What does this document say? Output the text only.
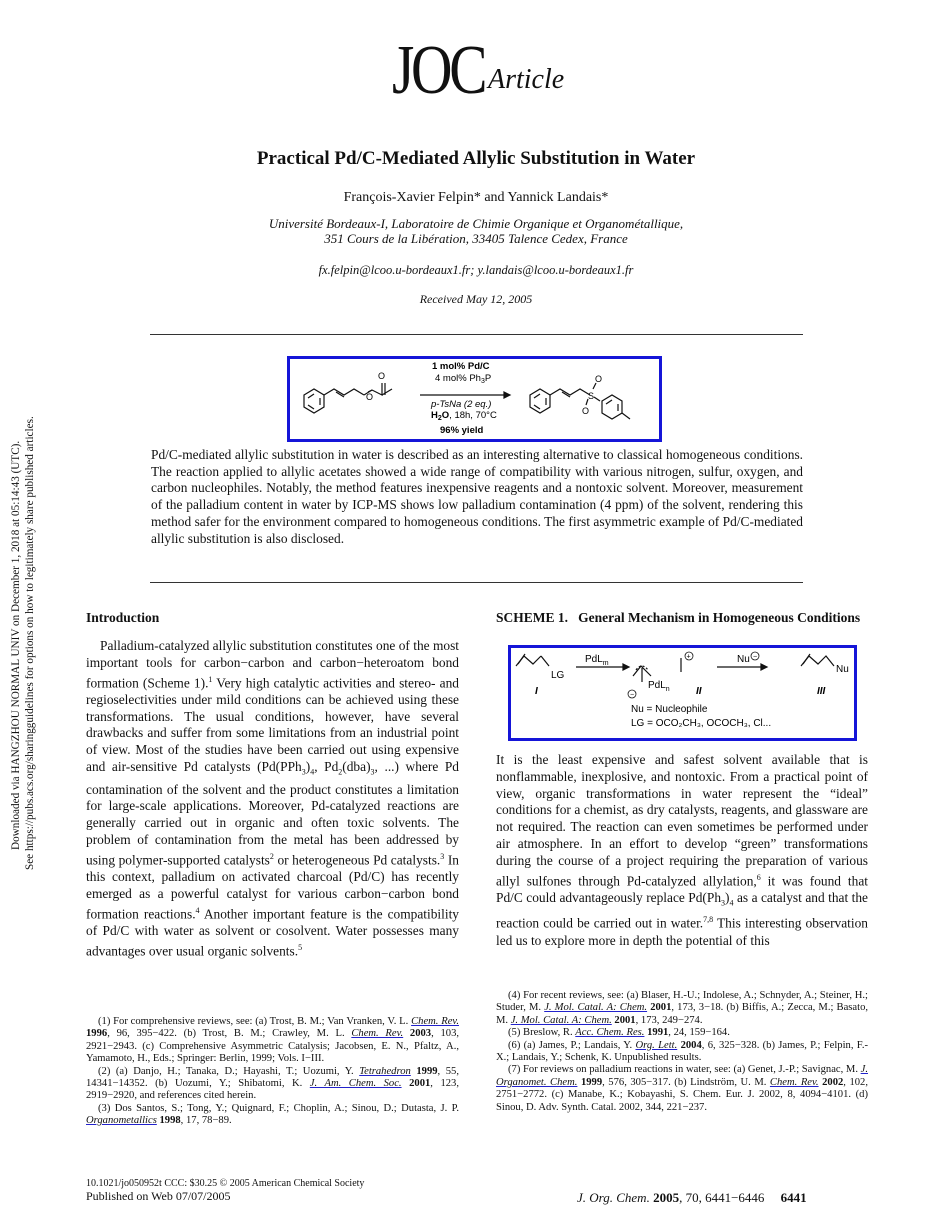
JOC Article
Practical Pd/C-Mediated Allylic Substitution in Water
François-Xavier Felpin* and Yannick Landais*
Université Bordeaux-I, Laboratoire de Chimie Organique et Organométallique,
351 Cours de la Libération, 33405 Talence Cedex, France
fx.felpin@lcoo.u-bordeaux1.fr; y.landais@lcoo.u-bordeaux1.fr
Received May 12, 2005
O
O	S
O
O
1 mol% Pd/C
4 mol% $Ph_3P$
p-TsNa (2 eq.)
$H_2O$, 18h, 70°C
96% yield
Pd/C-mediated allylic substitution in water is described as an interesting alternative to classical homogeneous conditions. The reaction applied to allylic acetates showed a wide range of compatibility with various nitrogen, sulfur, oxygen, and carbon nucleophiles. Notably, the method features inexpensive reagents and a nontoxic solvent. Moreover, measurement of the palladium content in water by ICP-MS shows low palladium contamination (4 ppm) of the solvent, rendering this method safer for the environment compared to homogeneous conditions. The first asymmetric example of Pd/C-mediated allylic substitution is also disclosed.
Introduction

Palladium-catalyzed allylic substitution constitutes one of the most important tools for carbon−carbon and carbon−heteroatom bond formation (Scheme 1).$^1$ Very high catalytic activities and stereo- and regioselectivities under mild conditions can be achieved using these transformations. The usual conditions, however, have several drawbacks and suffer from some limitations from an industrial point of view. Most of the studies have been carried out using expensive and air-sensitive Pd catalysts ($Pd(PPh_3)_4$, $Pd_2(dba)_3$, ...) where Pd contamination of the solvent and the product constitutes a limitation for large-scale applications. Moreover, Pd-catalyzed reactions are generally carried out in organic and often toxic solvents. The problem of contamination from the metal has been addressed by using polymer-supported catalysts$^2$ or heterogeneous Pd catalysts.$^3$ In this context, palladium on activated charcoal (Pd/C) has recently emerged as a powerful catalyst for various carbon−carbon bond formation reactions.$^4$ Another important feature is the compatibility of Pd/C with water as solvent or cosolvent. Water possesses many advantages over usual organic solvents.$^5$

(1) For comprehensive reviews, see: (a) Trost, B. M.; Van Vranken, V. L. Chem. Rev. 1996, 96, 395−422. (b) Trost, B. M.; Crawley, M. L. Chem. Rev. 2003, 103, 2921−2943. (c) Comprehensive Asymmetric Catalysis; Jacobsen, E. N., Pfaltz, A., Yamamoto, H., Eds.; Springer: Berlin, 1999; Vols. I−III.

(2) (a) Danjo, H.; Tanaka, D.; Hayashi, T.; Uozumi, Y. Tetrahedron 1999, 55, 14341−14352. (b) Uozumi, Y.; Shibatomi, K. J. Am. Chem. Soc. 2001, 123, 2919−2920, and references cited herein.

(3) Dos Santos, S.; Tong, Y.; Quignard, F.; Choplin, A.; Sinou, D.; Dutasta, J. P. Organometallics 1998, 17, 78−89.

SCHEME 1. General Mechanism in Homogeneous Conditions
+	−
−
LG
PdL$_m$
PdL$_n$
Nu
Nu
I	II	III
Nu = Nucleophile
LG = OCO₂CH₃, OCOCH₃, Cl...

It is the least expensive and safest solvent available that is nonflammable, inexplosive, and nontoxic. From a practical point of view, organic transformations in water represent the “ideal” conditions for a chemist, as dry catalysts, reagents, and glassware are not required. The reaction can even sometimes be performed under air atmosphere. In an effort to develop “green” transformations during the course of a project requiring the preparation of various allyl sulfones through Pd-catalyzed allylation,$^6$ it was found that Pd/C could advantageously replace $Pd(Ph_3)_4$ as a catalyst and that the reaction could be carried out in water.$^{7,8}$ This interesting observation led us to explore more in depth the potential of this

(4) For recent reviews, see: (a) Blaser, H.-U.; Indolese, A.; Schnyder, A.; Steiner, H.; Studer, M. J. Mol. Catal. A: Chem. 2001, 173, 3−18. (b) Biffis, A.; Zecca, M.; Basato, M. J. Mol. Catal. A: Chem. 2001, 173, 249−274.

(5) Breslow, R. Acc. Chem. Res. 1991, 24, 159−164.

(6) (a) James, P.; Landais, Y. Org. Lett. 2004, 6, 325−328. (b) James, P.; Felpin, F.-X.; Landais, Y.; Schenk, K. Unpublished results.

(7) For reviews on palladium reactions in water, see: (a) Genet, J.-P.; Savignac, M. J. Organomet. Chem. 1999, 576, 305−317. (b) Lindström, U. M. Chem. Rev. 2002, 102, 2751−2772. (c) Manabe, K.; Kobayashi, S. Chem. Eur. J. 2002, 8, 4094−4101. (d) Sinou, D. Adv. Synth. Catal. 2002, 344, 221−237.

Downloaded via HANGZHOU NORMAL UNIV on December 1, 2018 at 05:14:43 (UTC). See https://pubs.acs.org/sharingguidelines for options on how to legitimately share published articles.
10.1021/jo050952t CCC: $30.25 © 2005 American Chemical Society
Published on Web 07/07/2005	J. Org. Chem. 2005, 70, 6441−6446 6441
